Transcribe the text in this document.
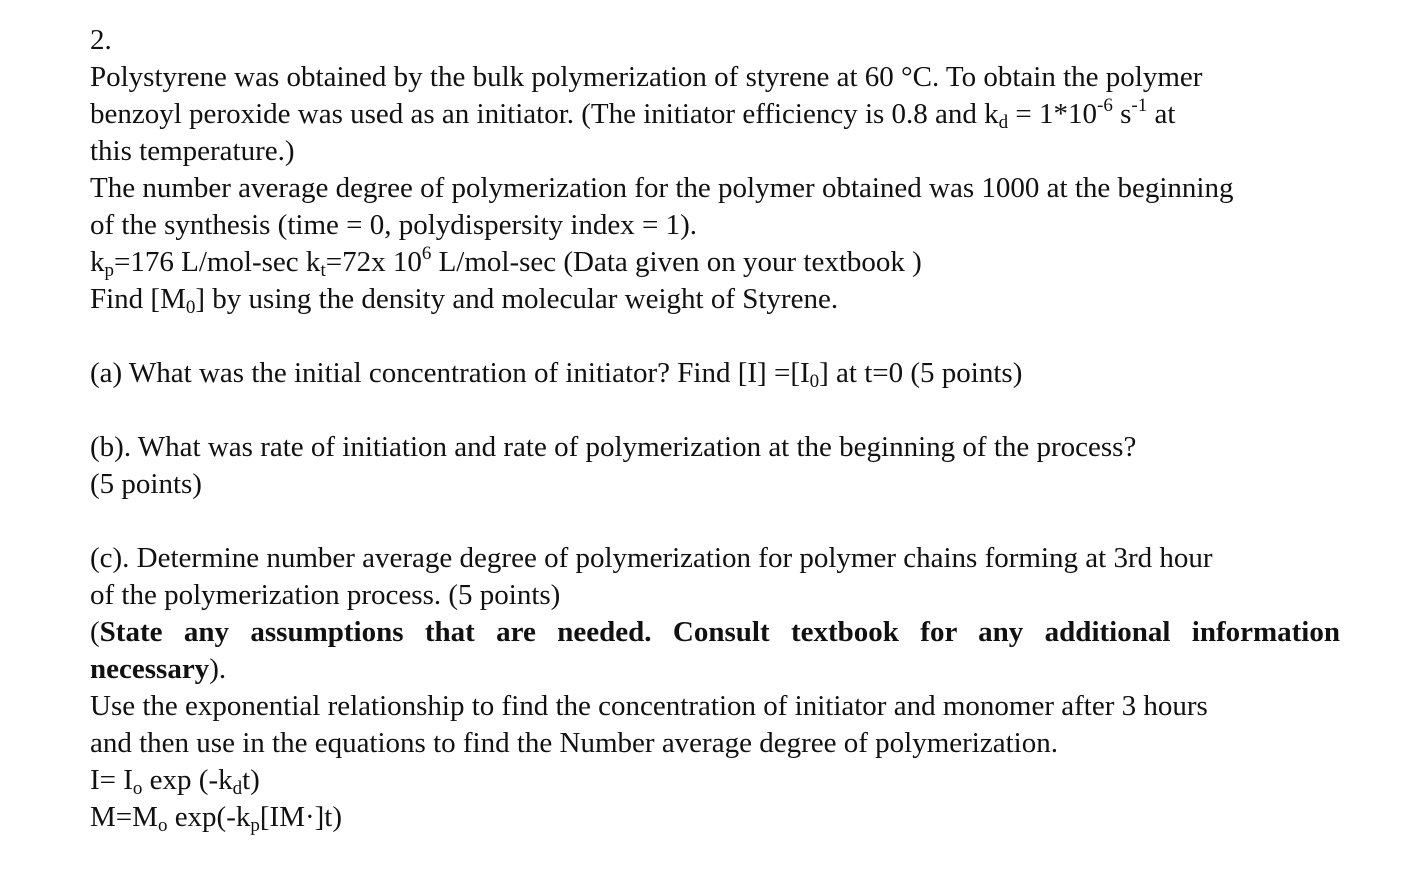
2.
Polystyrene was obtained by the bulk polymerization of styrene at 60 °C. To obtain the polymer
benzoyl peroxide was used as an initiator. (The initiator efficiency is 0.8 and $k_d = 1*10^{-6}$ $s^{-1}$ at
this temperature.)
The number average degree of polymerization for the polymer obtained was 1000 at the beginning
of the synthesis (time = 0, polydispersity index = 1).
$k_p=176$ L/mol-sec $k_t=72x$ $10^6$ L/mol-sec (Data given on your textbook )
Find $[M_0]$ by using the density and molecular weight of Styrene.
(a) What was the initial concentration of initiator? Find $[I] =[I_0]$ at t=0 (5 points)
(b). What was rate of initiation and rate of polymerization at the beginning of the process?
(5 points)
(c). Determine number average degree of polymerization for polymer chains forming at 3rd hour
of the polymerization process. (5 points)
(State any assumptions that are needed. Consult textbook for any additional information
necessary).
Use the exponential relationship to find the concentration of initiator and monomer after 3 hours
and then use in the equations to find the Number average degree of polymerization.
$I= I_o$ $\exp (-k_dt)$
$M=M_o$ $\exp(-k_p[IM\cdot]t)$
